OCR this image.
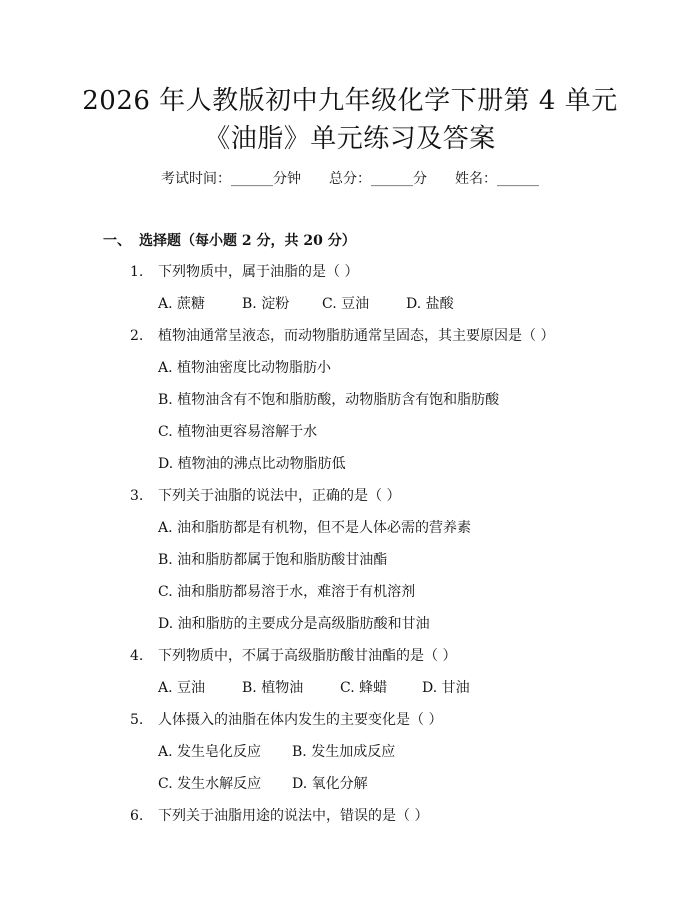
2026 年人教版初中九年级化学下册第 4 单元
《油脂》单元练习及答案
考试时间：______分钟 总分：______分 姓名：______
一、 选择题（每小题 2 分，共 20 分）
1. 下列物质中，属于油脂的是（ ）
A. 蔗糖	B. 淀粉 C. 豆油	D. 盐酸
2. 植物油通常呈液态，而动物脂肪通常呈固态，其主要原因是（ ）
A. 植物油密度比动物脂肪小
B. 植物油含有不饱和脂肪酸，动物脂肪含有饱和脂肪酸
C. 植物油更容易溶解于水
D. 植物油的沸点比动物脂肪低
3. 下列关于油脂的说法中，正确的是（ ）
A. 油和脂肪都是有机物，但不是人体必需的营养素
B. 油和脂肪都属于饱和脂肪酸甘油酯
C. 油和脂肪都易溶于水，难溶于有机溶剂
D. 油和脂肪的主要成分是高级脂肪酸和甘油
4. 下列物质中，不属于高级脂肪酸甘油酯的是（ ）
A. 豆油	B. 植物油	C. 蜂蜡 D. 甘油
5. 人体摄入的油脂在体内发生的主要变化是（ ）
A. 发生皂化反应 B. 发生加成反应
C. 发生水解反应 D. 氧化分解
6. 下列关于油脂用途的说法中，错误的是（ ）
